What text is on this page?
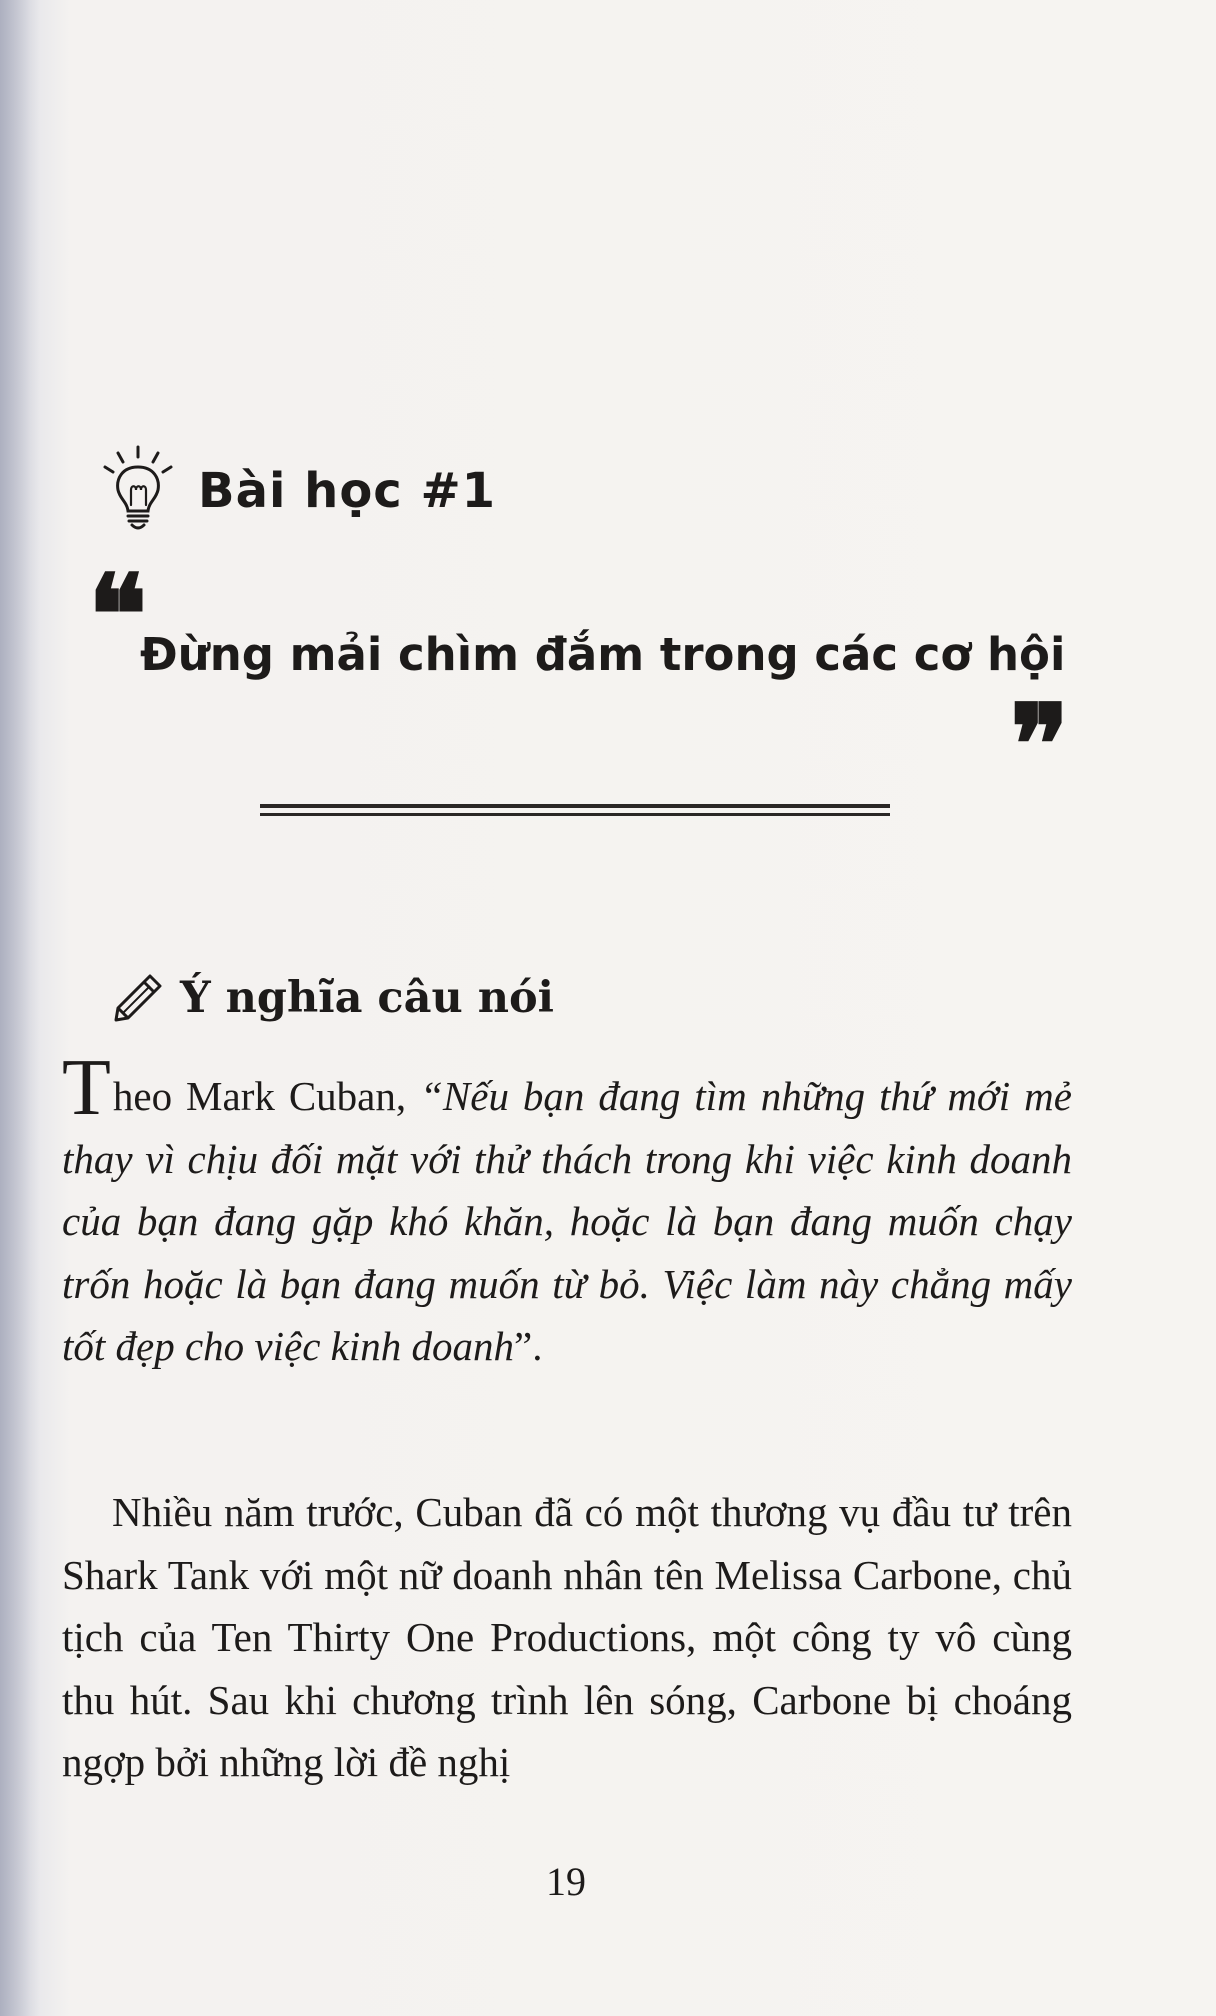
Bài học #1
❝
Đừng mải chìm đắm trong các cơ hội
❞
Ý nghĩa câu nói
Theo Mark Cuban, “Nếu bạn đang tìm những thứ mới mẻ thay vì chịu đối mặt với thử thách trong khi việc kinh doanh của bạn đang gặp khó khăn, hoặc là bạn đang muốn chạy trốn hoặc là bạn đang muốn từ bỏ. Việc làm này chẳng mấy tốt đẹp cho việc kinh doanh”.
Nhiều năm trước, Cuban đã có một thương vụ đầu tư trên Shark Tank với một nữ doanh nhân tên Melissa Carbone, chủ tịch của Ten Thirty One Productions, một công ty vô cùng thu hút. Sau khi chương trình lên sóng, Carbone bị choáng ngợp bởi những lời đề nghị
19
